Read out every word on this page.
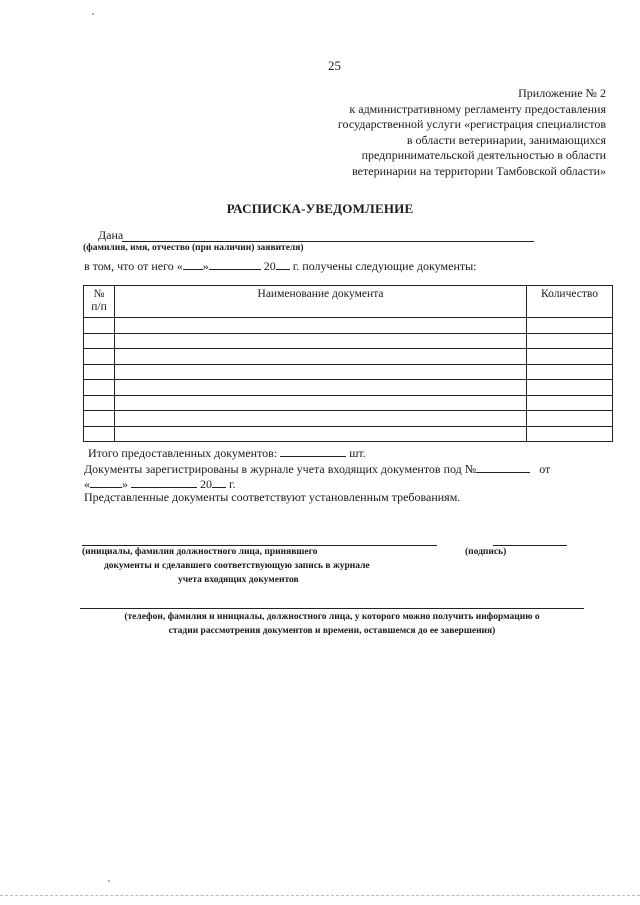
25
Приложение № 2
к административному регламенту предоставления
государственной услуги «регистрация специалистов
в области ветеринарии, занимающихся
предпринимательской деятельностью в области
ветеринарии на территории Тамбовской области»
РАСПИСКА-УВЕДОМЛЕНИЕ
Дана
(фамилия, имя, отчество (при наличии) заявителя)
в том, что от него « »	20 г. получены следующие документы:
№
п/п	Наименование документа	Количество

Итого предоставленных документов:	шт.
Документы зарегистрированы в журнале учета входящих документов под №	от
«	»	20 г.
Представленные документы соответствуют установленным требованиям.
(инициалы, фамилия должностного лица, принявшего
документы и сделавшего соответствующую запись в журнале
учета входящих документов
(подпись)
(телефон, фамилия и инициалы, должностного лица, у которого можно получить информацию о
стадии рассмотрения документов и времени, оставшемся до ее завершения)
